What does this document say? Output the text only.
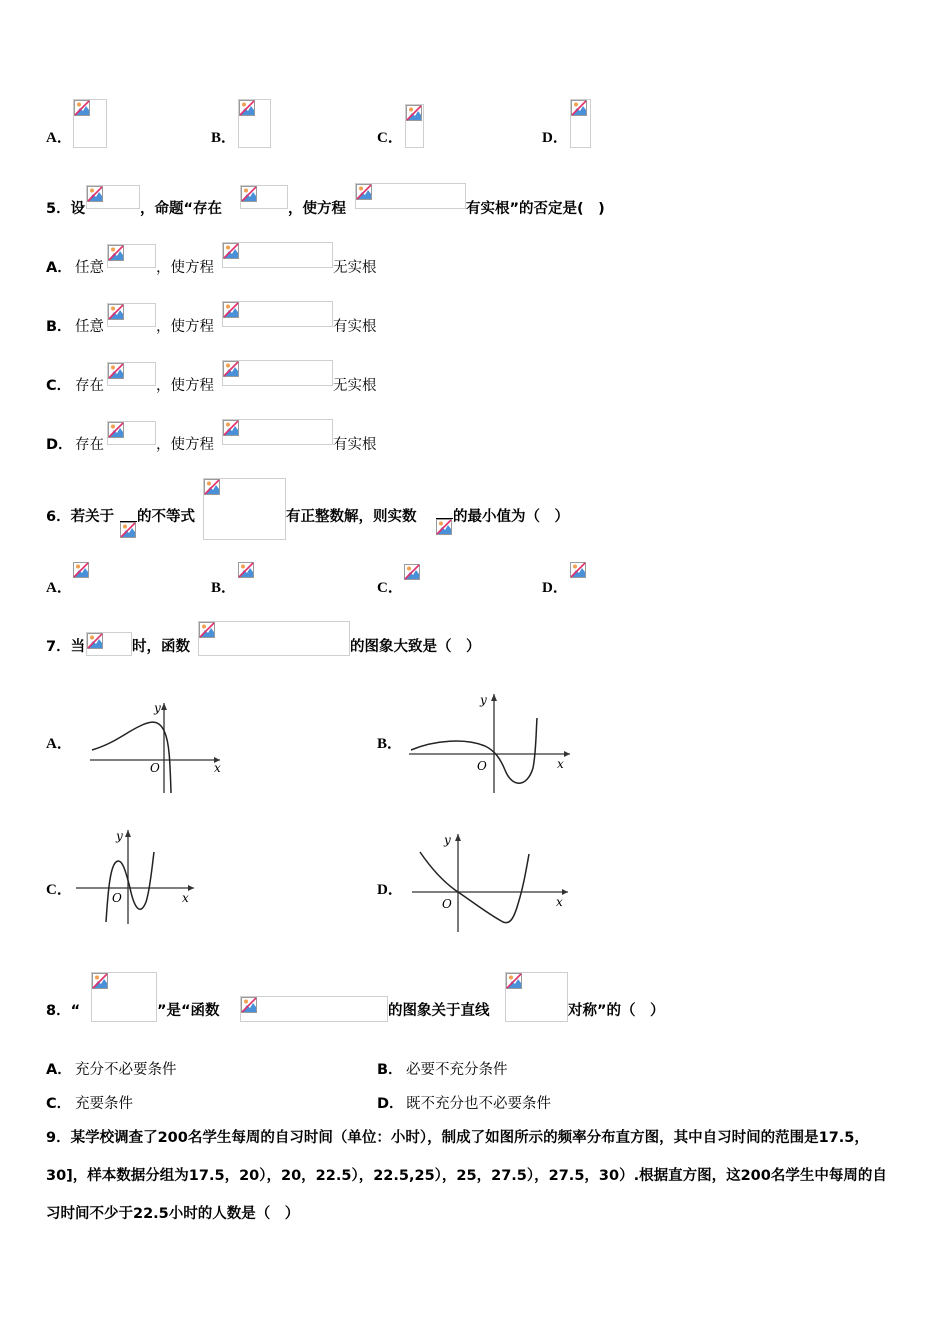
A．	B．	C．	D．
5．设	，命题“存在	，使方程	有实根”的否定是(　)
A． 任意	，使方程	无实根
B． 任意	，使方程	有实根
C． 存在	，使方程	无实根
D． 存在	，使方程	有实根
6．若关于 的不等式	有正整数解，则实数	的最小值为（　）
A．	B．	C．	D．
7．当	时，函数	的图象大致是（　）
A．
y
x
O
B．
y
x
O
C．
y
x
O	D．
y
x
O
8．“	”是“函数	的图象关于直线	对称”的（　）
A． 充分不必要条件	B． 必要不充分条件
C． 充要条件	D． 既不充分也不必要条件
9．某学校调查了200名学生每周的自习时间（单位：小时），制成了如图所示的频率分布直方图，其中自习时间的范围是17.5，30]，样本数据分组为17.5，20），20，22.5），22.5,25），25，27.5），27.5，30）.根据直方图，这200名学生中每周的自习时间不少于22.5小时的人数是（　）
